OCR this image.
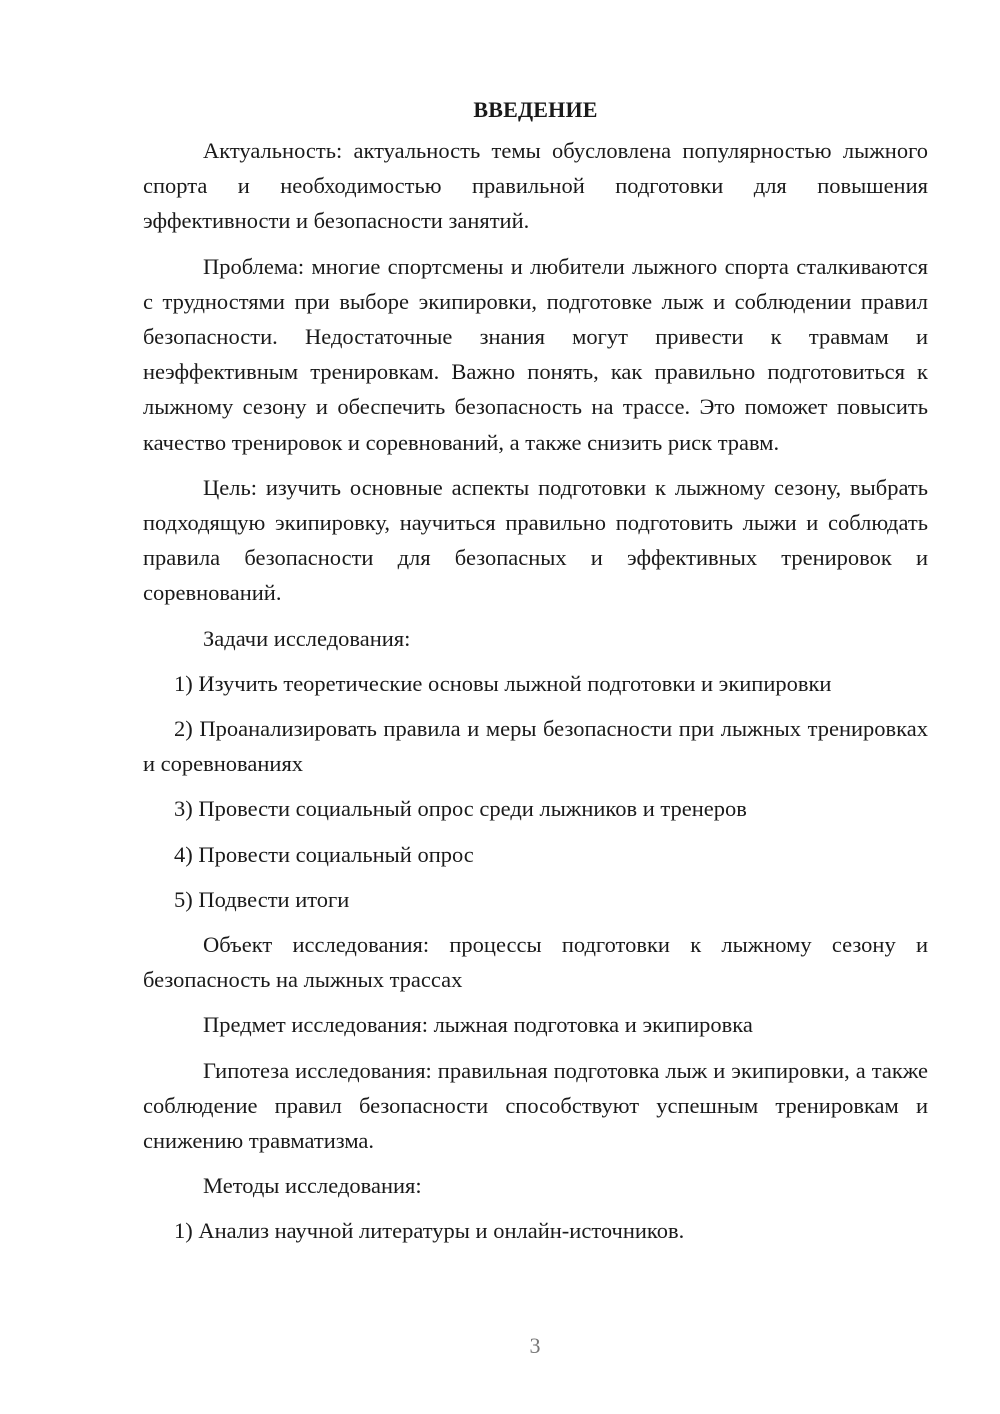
ВВЕДЕНИЕ

Актуальность: актуальность темы обусловлена популярностью лыжного спорта и необходимостью правильной подготовки для повышения эффективности и безопасности занятий.

Проблема: многие спортсмены и любители лыжного спорта сталкиваются с трудностями при выборе экипировки, подготовке лыж и соблюдении правил безопасности. Недостаточные знания могут привести к травмам и неэффективным тренировкам. Важно понять, как правильно подготовиться к лыжному сезону и обеспечить безопасность на трассе. Это поможет повысить качество тренировок и соревнований, а также снизить риск травм.

Цель: изучить основные аспекты подготовки к лыжному сезону, выбрать подходящую экипировку, научиться правильно подготовить лыжи и соблюдать правила безопасности для безопасных и эффективных тренировок и соревнований.

Задачи исследования:

1) Изучить теоретические основы лыжной подготовки и экипировки

2) Проанализировать правила и меры безопасности при лыжных тренировках и соревнованиях

3) Провести социальный опрос среди лыжников и тренеров

4) Провести социальный опрос

5) Подвести итоги

Объект исследования: процессы подготовки к лыжному сезону и безопасность на лыжных трассах

Предмет исследования: лыжная подготовка и экипировка

Гипотеза исследования: правильная подготовка лыж и экипировки, а также соблюдение правил безопасности способствуют успешным тренировкам и снижению травматизма.

Методы исследования:

1) Анализ научной литературы и онлайн-источников.

3
